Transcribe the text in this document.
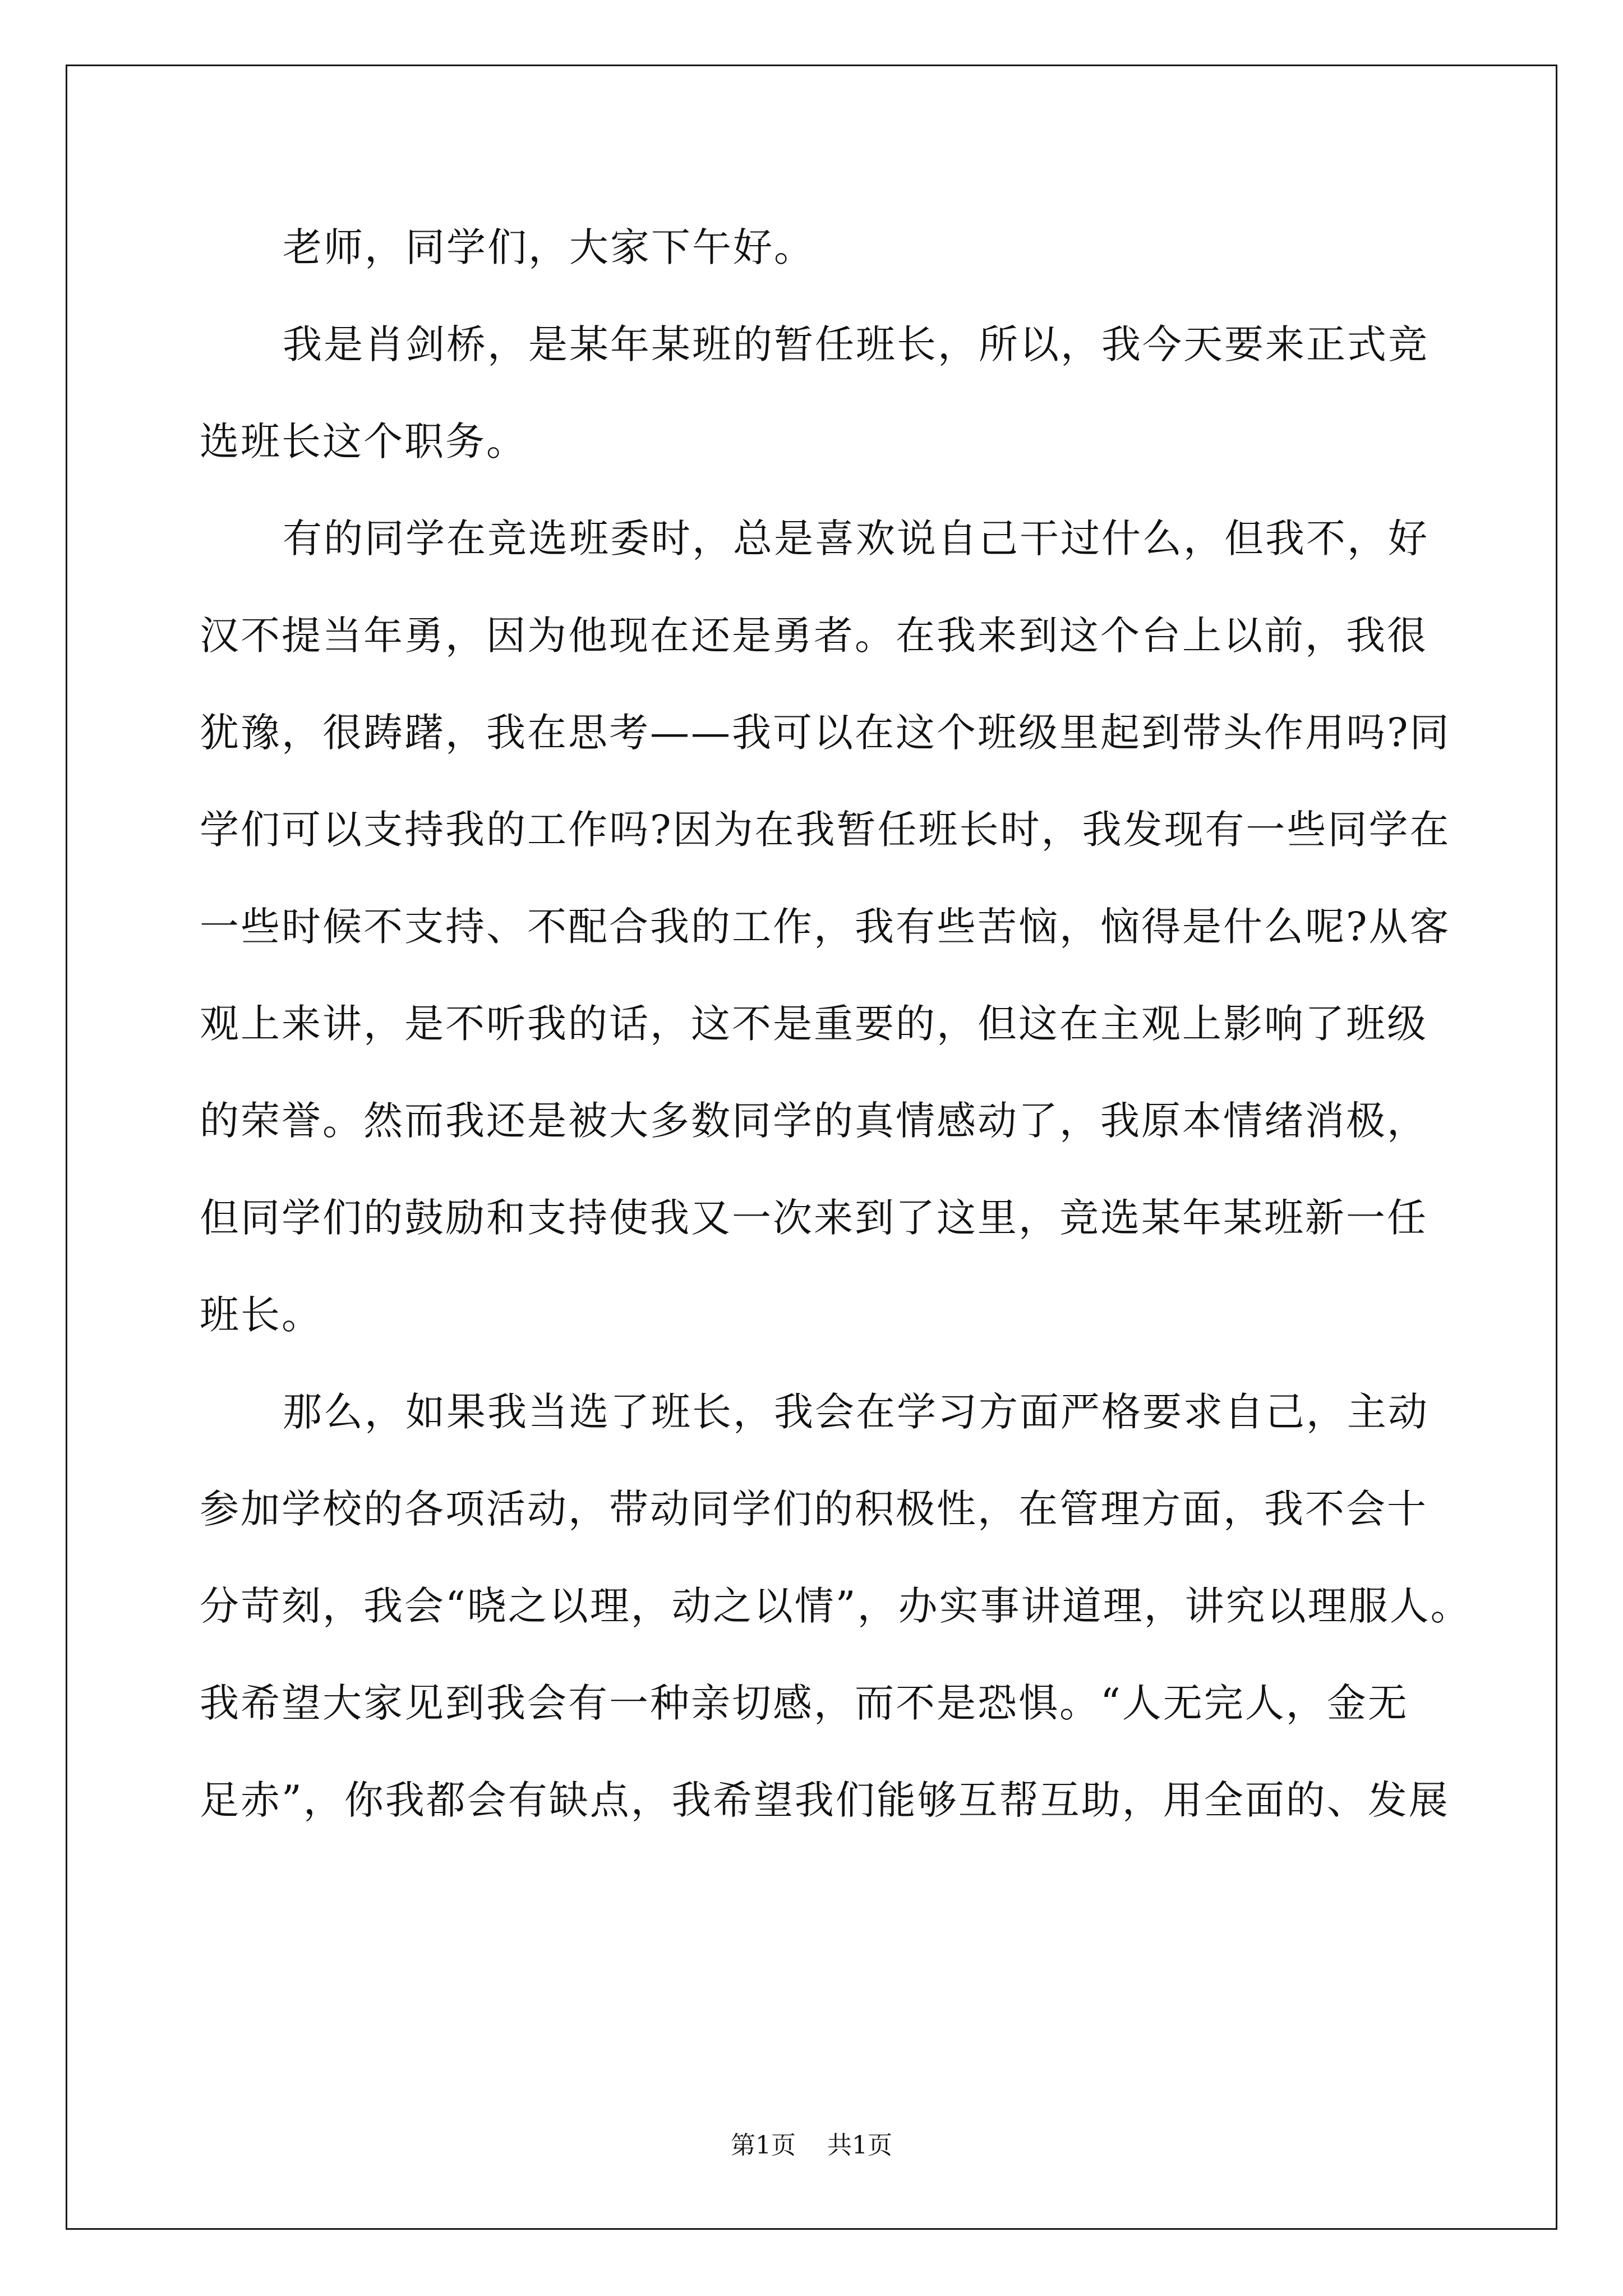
老师，同学们，大家下午好。
我是肖剑桥，是某年某班的暂任班长，所以，我今天要来正式竞
选班长这个职务。
有的同学在竞选班委时，总是喜欢说自己干过什么，但我不，好
汉不提当年勇，因为他现在还是勇者。在我来到这个台上以前，我很
犹豫，很踌躇，我在思考——我可以在这个班级里起到带头作用吗?同
学们可以支持我的工作吗?因为在我暂任班长时，我发现有一些同学在
一些时候不支持、不配合我的工作，我有些苦恼，恼得是什么呢?从客
观上来讲，是不听我的话，这不是重要的，但这在主观上影响了班级
的荣誉。然而我还是被大多数同学的真情感动了，我原本情绪消极，
但同学们的鼓励和支持使我又一次来到了这里，竞选某年某班新一任
班长。
那么，如果我当选了班长，我会在学习方面严格要求自己，主动
参加学校的各项活动，带动同学们的积极性，在管理方面，我不会十
分苛刻，我会“晓之以理，动之以情”，办实事讲道理，讲究以理服人。
我希望大家见到我会有一种亲切感，而不是恐惧。“人无完人，金无
足赤”，你我都会有缺点，我希望我们能够互帮互助，用全面的、发展
第1页 共1页
